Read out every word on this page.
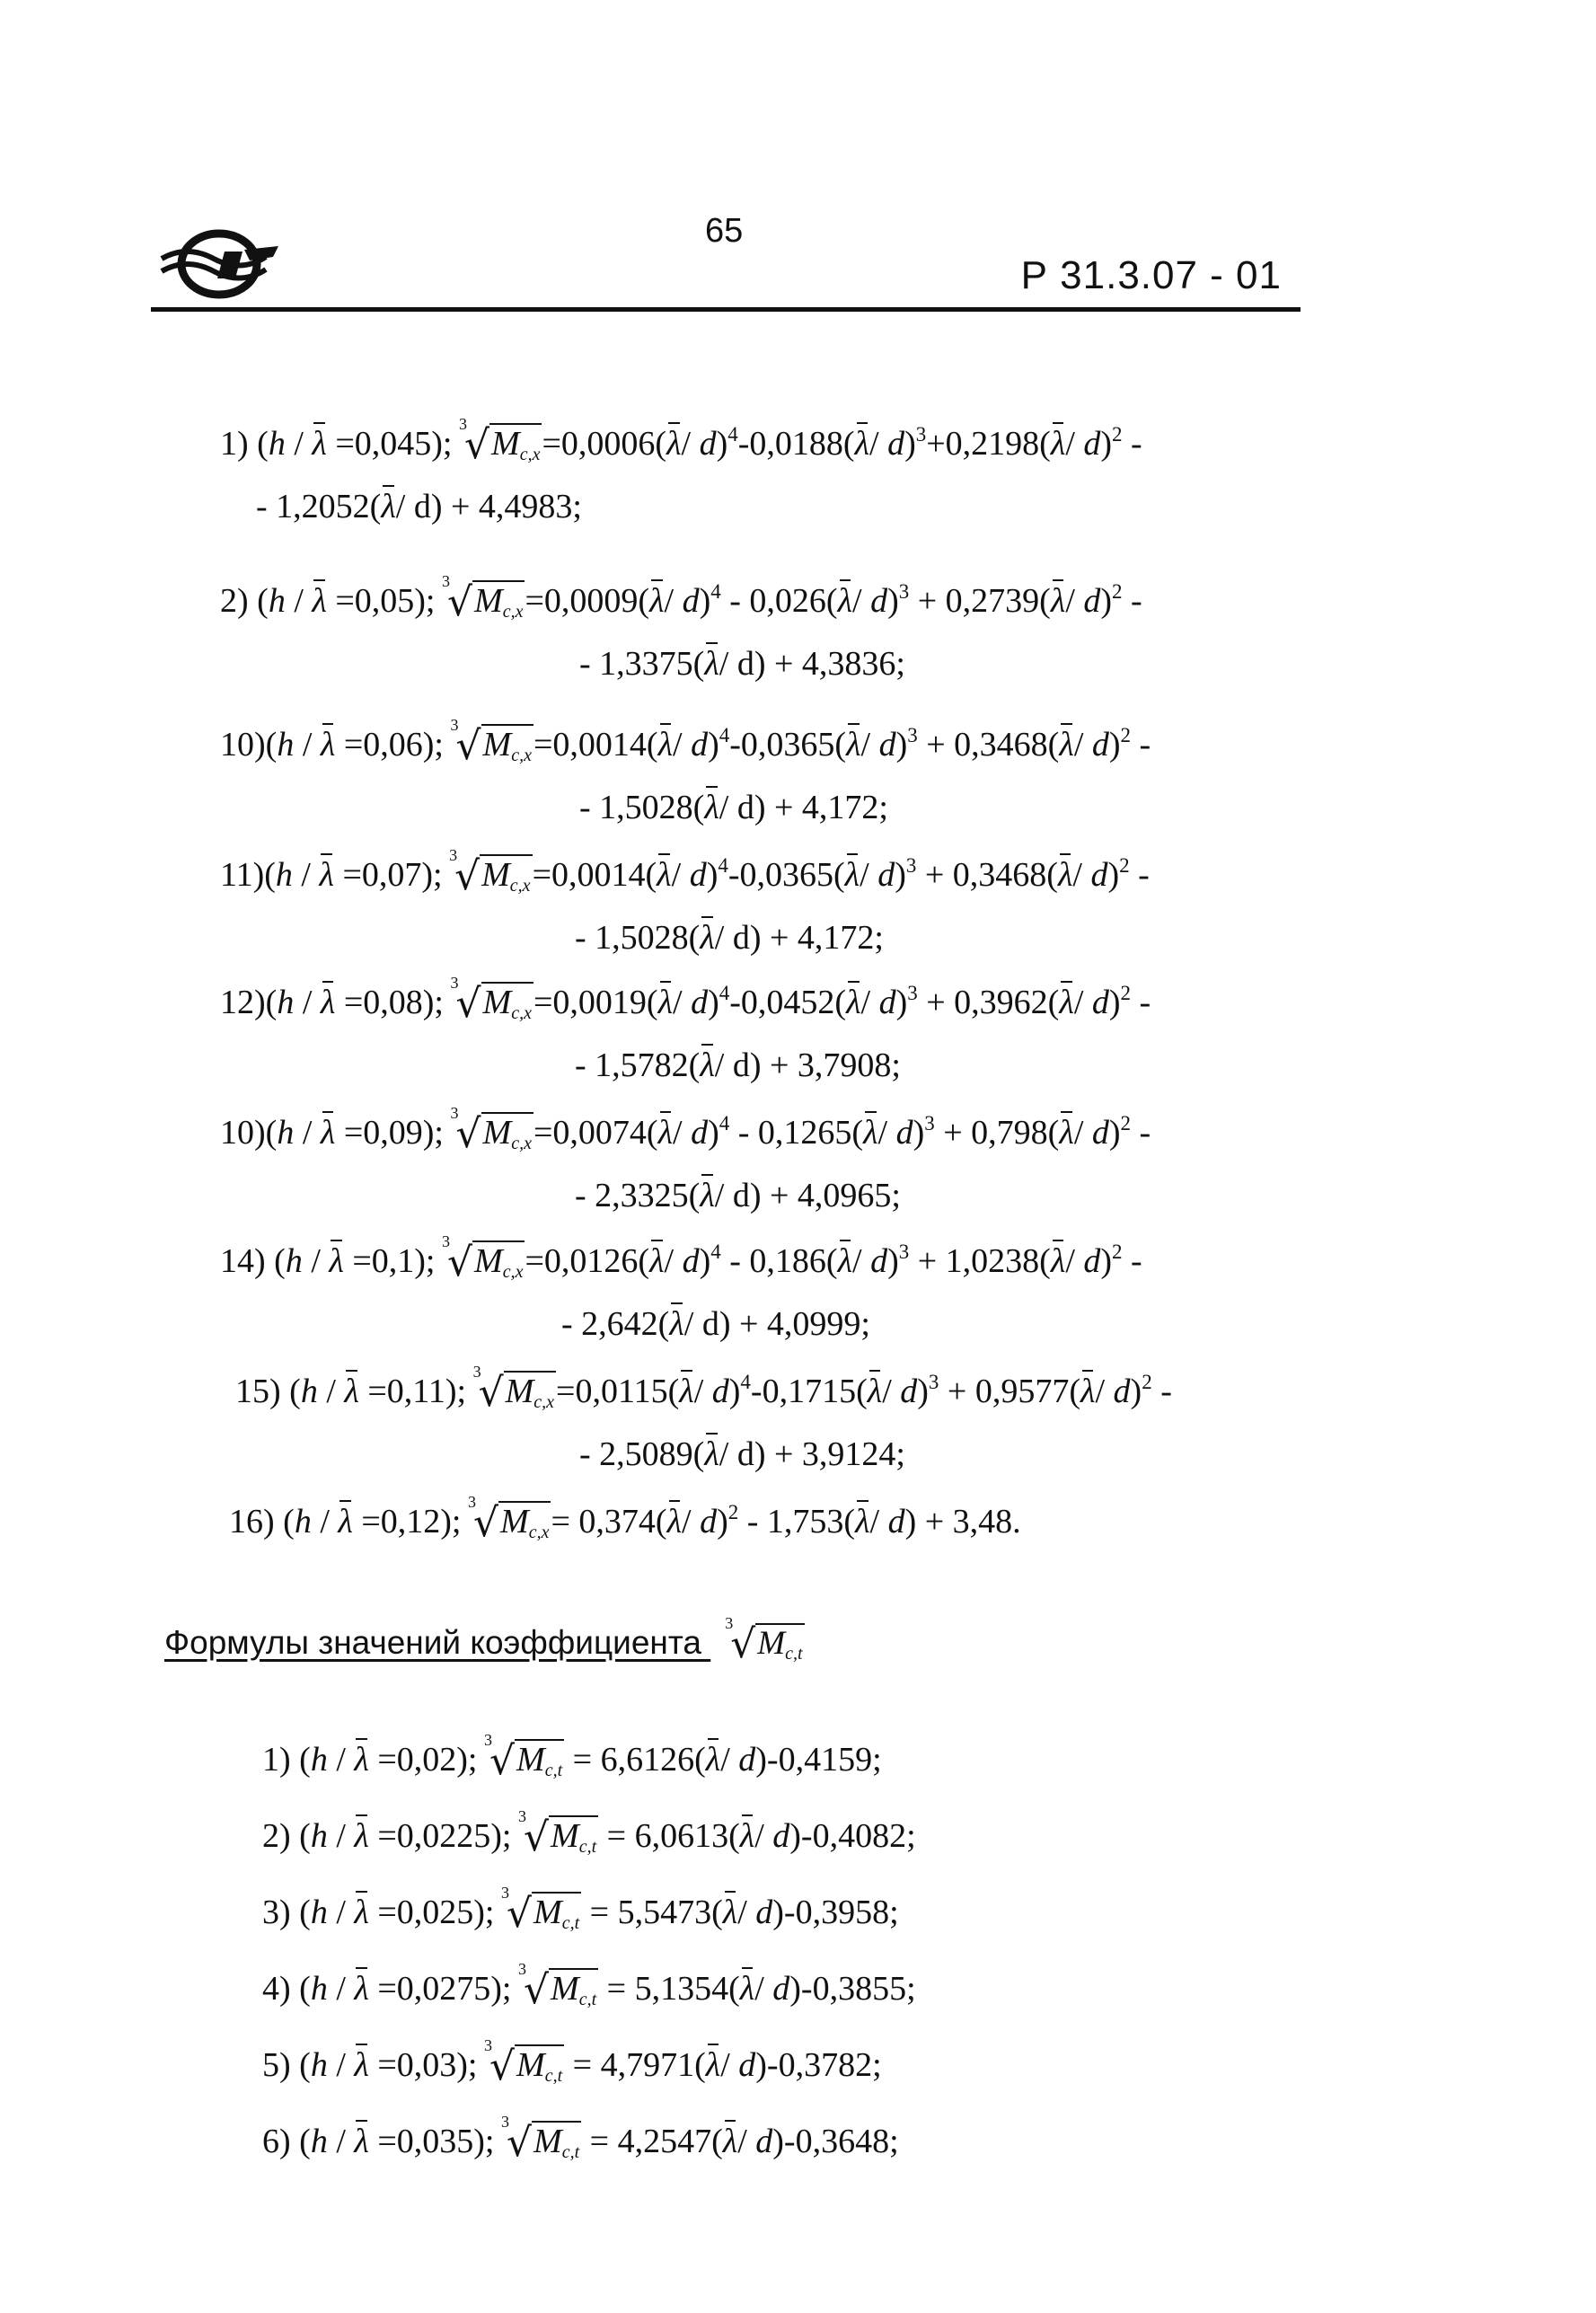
65
Р 31.3.07 - 01
1) (h / λ =0,045);
3
$√M_{c,x}=0,0006(\lambda/$ d)$^4$-0,0188(λ/ d)$^3$+0,2198(λ/ d)$^2$ -
- 1,2052(λ/ d) + 4,4983;
2) (h / λ =0,05);
3
$√M_{c,x}=0,0009(\lambda/$ d)$^4$ - 0,026(λ/ d)$^3$ + 0,2739(λ/ d)$^2$ -
- 1,3375(λ/ d) + 4,3836;
10)(h / λ =0,06);
3
$√M_{c,x}=0,0014(\lambda/$ d)$^4$-0,0365(λ/ d)$^3$ + 0,3468(λ/ d)$^2$ -
- 1,5028(λ/ d) + 4,172;
11)(h / λ =0,07);
3
$√M_{c,x}=0,0014(\lambda/$ d)$^4$-0,0365(λ/ d)$^3$ + 0,3468(λ/ d)$^2$ -
- 1,5028(λ/ d) + 4,172;
12)(h / λ =0,08);
3
$√M_{c,x}=0,0019(\lambda/$ d)$^4$-0,0452(λ/ d)$^3$ + 0,3962(λ/ d)$^2$ -
- 1,5782(λ/ d) + 3,7908;
10)(h / λ =0,09);
3
$√M_{c,x}=0,0074(\lambda/$ d)$^4$ - 0,1265(λ/ d)$^3$ + 0,798(λ/ d)$^2$ -
- 2,3325(λ/ d) + 4,0965;
14) (h / λ =0,1);
3
$√M_{c,x}=0,0126(\lambda/$ d)$^4$ - 0,186(λ/ d)$^3$ + 1,0238(λ/ d)$^2$ -
- 2,642(λ/ d) + 4,0999;
15) (h / λ =0,11);
3
$√M_{c,x}=0,0115(\lambda/$ d)$^4$-0,1715(λ/ d)$^3$ + 0,9577(λ/ d)$^2$ -
- 2,5089(λ/ d) + 3,9124;
16) (h / λ =0,12);
3
$√M_{c,x}= 0,374(\lambda/$ d)$^2$ - 1,753(λ/ d) + 3,48.
Формулы значений коэффициента
3
$√M_{c,t}$
1) (h / λ =0,02);
3
$√M_{c,t} = 6,6126(\lambda/$ d)-0,4159;
2) (h / λ =0,0225);
3
$√M_{c,t} = 6,0613(\lambda/$ d)-0,4082;
3) (h / λ =0,025);
3
$√M_{c,t} = 5,5473(\lambda/$ d)-0,3958;
4) (h / λ =0,0275);
3
$√M_{c,t} = 5,1354(\lambda/$ d)-0,3855;
5) (h / λ =0,03);
3
$√M_{c,t} = 4,7971(\lambda/$ d)-0,3782;
6) (h / λ =0,035);
3
$√M_{c,t} = 4,2547(\lambda/$ d)-0,3648;
